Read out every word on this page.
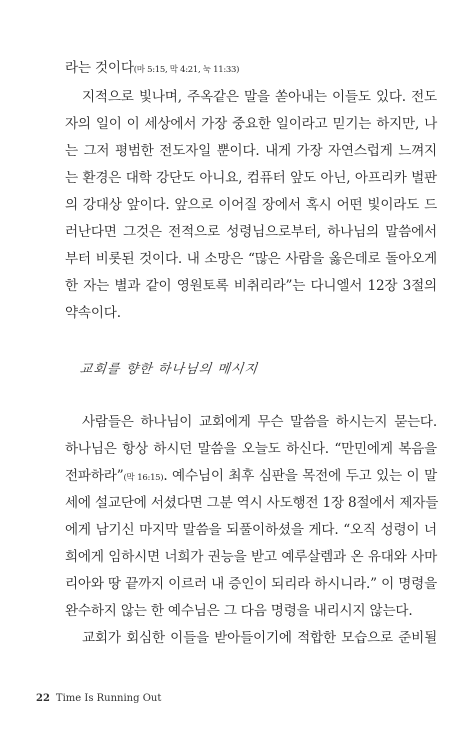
라는 것이다(마 5:15, 막 4:21, 눅 11:33)
지적으로 빛나며, 주옥같은 말을 쏟아내는 이들도 있다. 전도
자의 일이 이 세상에서 가장 중요한 일이라고 믿기는 하지만, 나
는 그저 평범한 전도자일 뿐이다. 내게 가장 자연스럽게 느껴지
는 환경은 대학 강단도 아니요, 컴퓨터 앞도 아닌, 아프리카 벌판
의 강대상 앞이다. 앞으로 이어질 장에서 혹시 어떤 빛이라도 드
러난다면 그것은 전적으로 성령님으로부터, 하나님의 말씀에서
부터 비롯된 것이다. 내 소망은 “많은 사람을 옳은데로 돌아오게
한 자는 별과 같이 영원토록 비취리라”는 다니엘서 12장 3절의
약속이다.
교회를 향한 하나님의 메시지
사람들은 하나님이 교회에게 무슨 말씀을 하시는지 묻는다.
하나님은 항상 하시던 말씀을 오늘도 하신다. “만민에게 복음을
전파하라”(막 16:15). 예수님이 최후 심판을 목전에 두고 있는 이 말
세에 설교단에 서셨다면 그분 역시 사도행전 1장 8절에서 제자들
에게 남기신 마지막 말씀을 되풀이하셨을 게다. “오직 성령이 너
희에게 임하시면 너희가 권능을 받고 예루살렘과 온 유대와 사마
리아와 땅 끝까지 이르러 내 증인이 되리라 하시니라.” 이 명령을
완수하지 않는 한 예수님은 그 다음 명령을 내리시지 않는다.
교회가 회심한 이들을 받아들이기에 적합한 모습으로 준비될
22 Time Is Running Out
